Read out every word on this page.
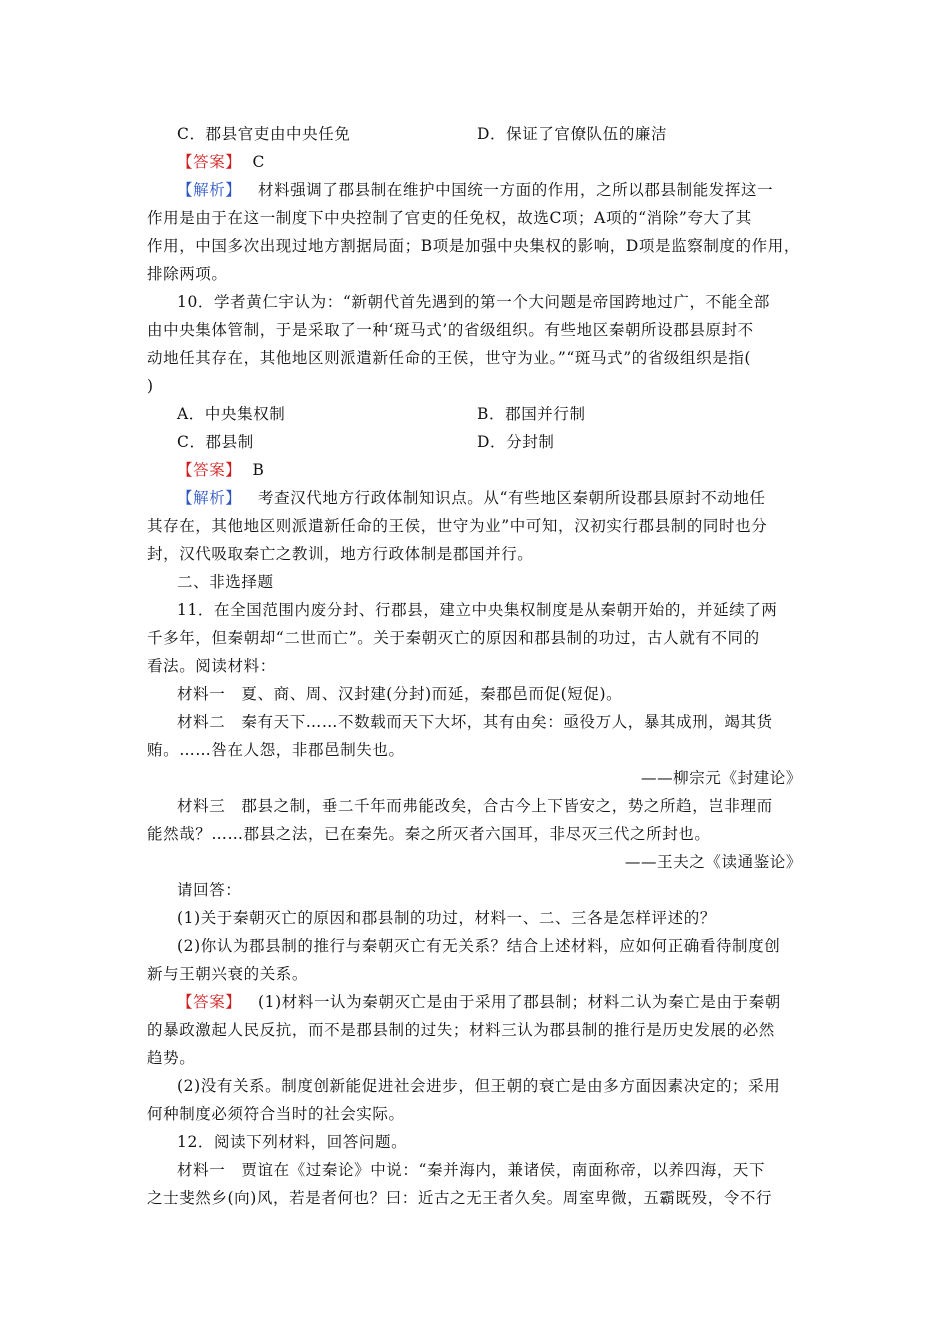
C．郡县官吏由中央任免	D．保证了官僚队伍的廉洁
【答案】 C
【解析】 材料强调了郡县制在维护中国统一方面的作用，之所以郡县制能发挥这一
作用是由于在这一制度下中央控制了官吏的任免权，故选C项；A项的“消除”夸大了其
作用，中国多次出现过地方割据局面；B项是加强中央集权的影响，D项是监察制度的作用，
排除两项。
10．学者黄仁宇认为：“新朝代首先遇到的第一个大问题是帝国跨地过广，不能全部
由中央集体管制，于是采取了一种‘斑马式’的省级组织。有些地区秦朝所设郡县原封不
动地任其存在，其他地区则派遣新任命的王侯，世守为业。”“斑马式”的省级组织是指(
)
A．中央集权制	B．郡国并行制
C．郡县制	D．分封制
【答案】 B
【解析】 考查汉代地方行政体制知识点。从“有些地区秦朝所设郡县原封不动地任
其存在，其他地区则派遣新任命的王侯，世守为业”中可知，汉初实行郡县制的同时也分
封，汉代吸取秦亡之教训，地方行政体制是郡国并行。
二、非选择题
11．在全国范围内废分封、行郡县，建立中央集权制度是从秦朝开始的，并延续了两
千多年，但秦朝却“二世而亡”。关于秦朝灭亡的原因和郡县制的功过，古人就有不同的
看法。阅读材料：
材料一　夏、商、周、汉封建(分封)而延，秦郡邑而促(短促)。
材料二　秦有天下……不数载而天下大坏，其有由矣：亟役万人，暴其成刑，竭其货
贿。……咎在人怨，非郡邑制失也。
——柳宗元《封建论》
材料三　郡县之制，垂二千年而弗能改矣，合古今上下皆安之，势之所趋，岂非理而
能然哉？……郡县之法，已在秦先。秦之所灭者六国耳，非尽灭三代之所封也。
——王夫之《读通鉴论》
请回答：
(1)关于秦朝灭亡的原因和郡县制的功过，材料一、二、三各是怎样评述的？
(2)你认为郡县制的推行与秦朝灭亡有无关系？结合上述材料，应如何正确看待制度创
新与王朝兴衰的关系。
【答案】 (1)材料一认为秦朝灭亡是由于采用了郡县制；材料二认为秦亡是由于秦朝
的暴政激起人民反抗，而不是郡县制的过失；材料三认为郡县制的推行是历史发展的必然
趋势。
(2)没有关系。制度创新能促进社会进步，但王朝的衰亡是由多方面因素决定的；采用
何种制度必须符合当时的社会实际。
12．阅读下列材料，回答问题。
材料一　贾谊在《过秦论》中说：“秦并海内，兼诸侯，南面称帝，以养四海，天下
之士斐然乡(向)风，若是者何也？曰：近古之无王者久矣。周室卑微，五霸既殁，令不行
